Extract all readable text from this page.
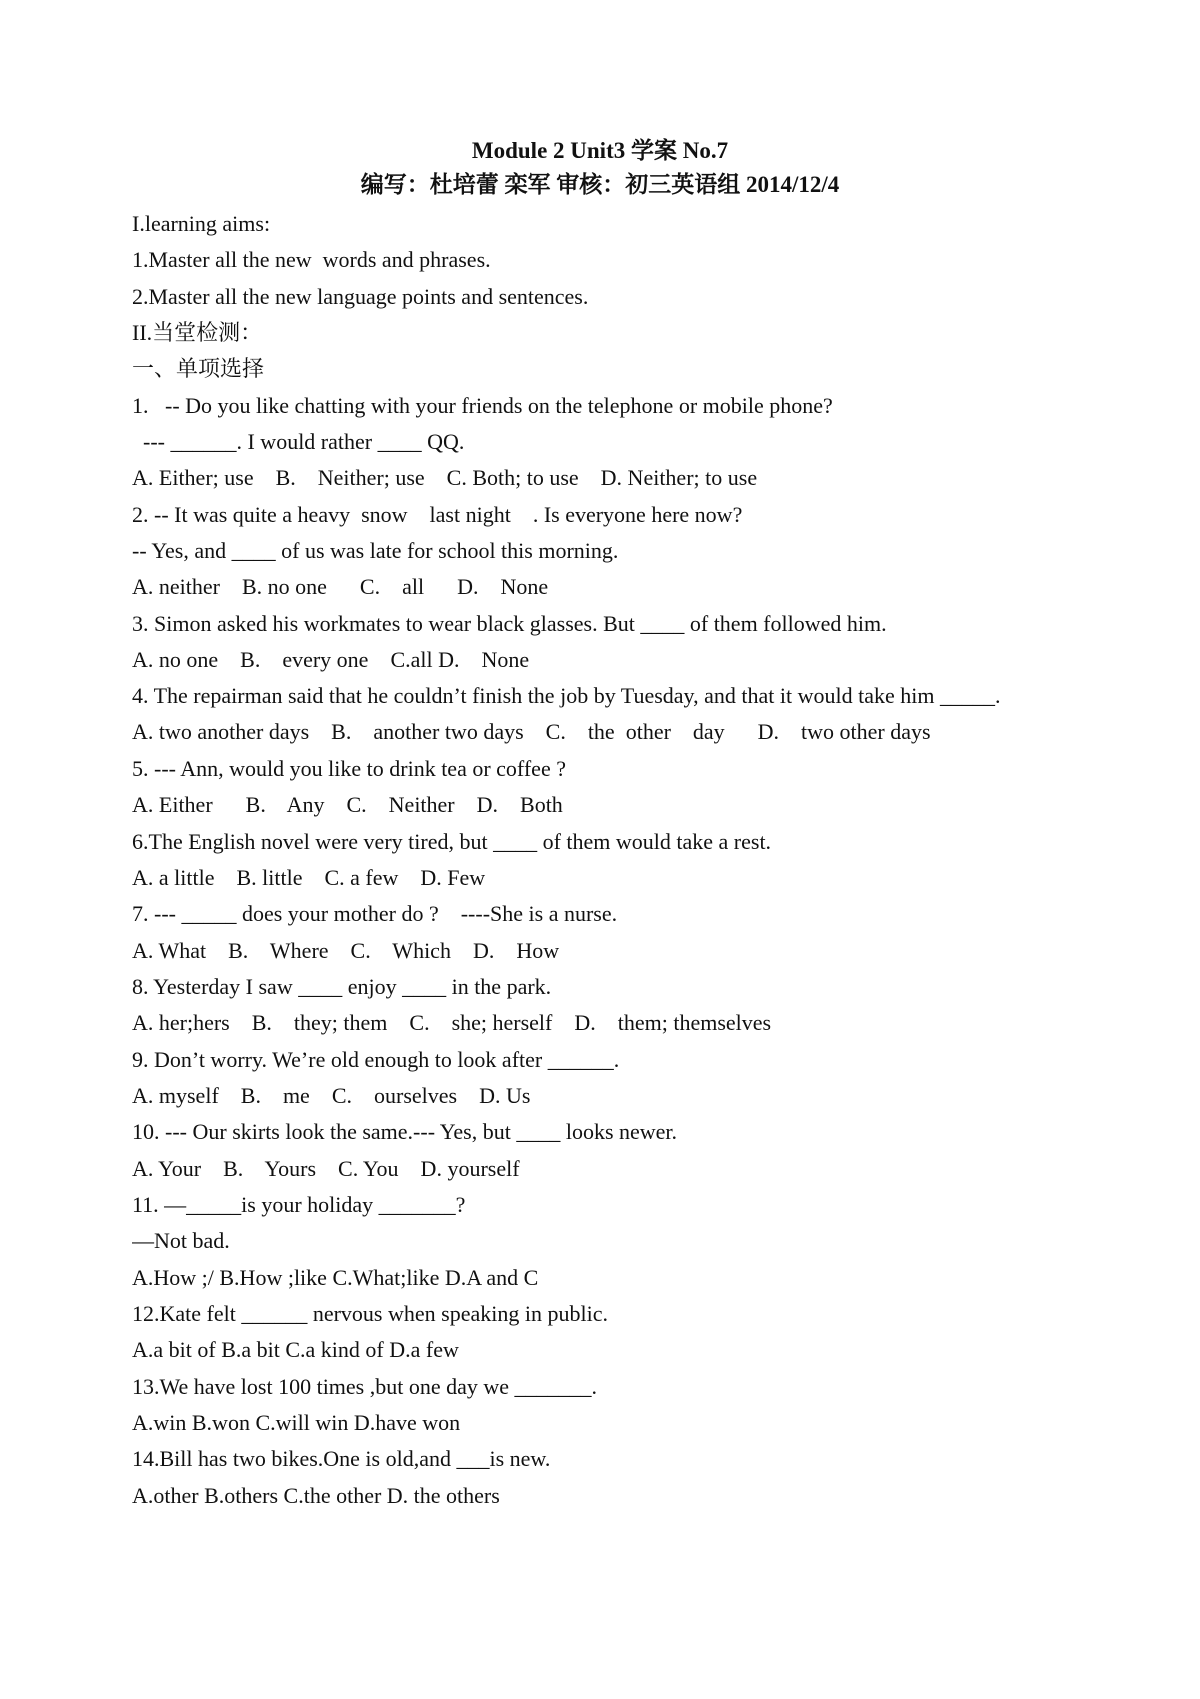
Module 2 Unit3 学案 No.7
编写：杜培蕾 栾军 审核：初三英语组 2014/12/4
I.learning aims:
1.Master all the new  words and phrases.
2.Master all the new language points and sentences.
II.当堂检测：
一、单项选择
1.   -- Do you like chatting with your friends on the telephone or mobile phone?
--- ______. I would rather ____ QQ.
A. Either; use    B.    Neither; use    C. Both; to use    D. Neither; to use
2. -- It was quite a heavy  snow    last night    . Is everyone here now?
-- Yes, and ____ of us was late for school this morning.
A. neither    B. no one      C.    all      D.    None
3. Simon asked his workmates to wear black glasses. But ____ of them followed him.
A. no one    B.    every one    C.all D.    None
4. The repairman said that he couldn’t finish the job by Tuesday, and that it would take him _____.
A. two another days    B.    another two days    C.    the  other    day      D.    two other days
5. --- Ann, would you like to drink tea or coffee ?
A. Either      B.    Any    C.    Neither    D.    Both
6.The English novel were very tired, but ____ of them would take a rest.
A. a little    B. little    C. a few    D. Few
7. --- _____ does your mother do ?    ----She is a nurse.
A. What    B.    Where    C.    Which    D.    How
8. Yesterday I saw ____ enjoy ____ in the park.
A. her;hers    B.    they; them    C.    she; herself    D.    them; themselves
9. Don’t worry. We’re old enough to look after ______.
A. myself    B.    me    C.    ourselves    D. Us
10. --- Our skirts look the same.--- Yes, but ____ looks newer.
A. Your    B.    Yours    C. You    D. yourself
11. —_____is your holiday _______?
—Not bad.
A.How ;/ B.How ;like C.What;like D.A and C
12.Kate felt ______ nervous when speaking in public.
A.a bit of B.a bit C.a kind of D.a few
13.We have lost 100 times ,but one day we _______.
A.win B.won C.will win D.have won
14.Bill has two bikes.One is old,and ___is new.
A.other B.others C.the other D. the others
